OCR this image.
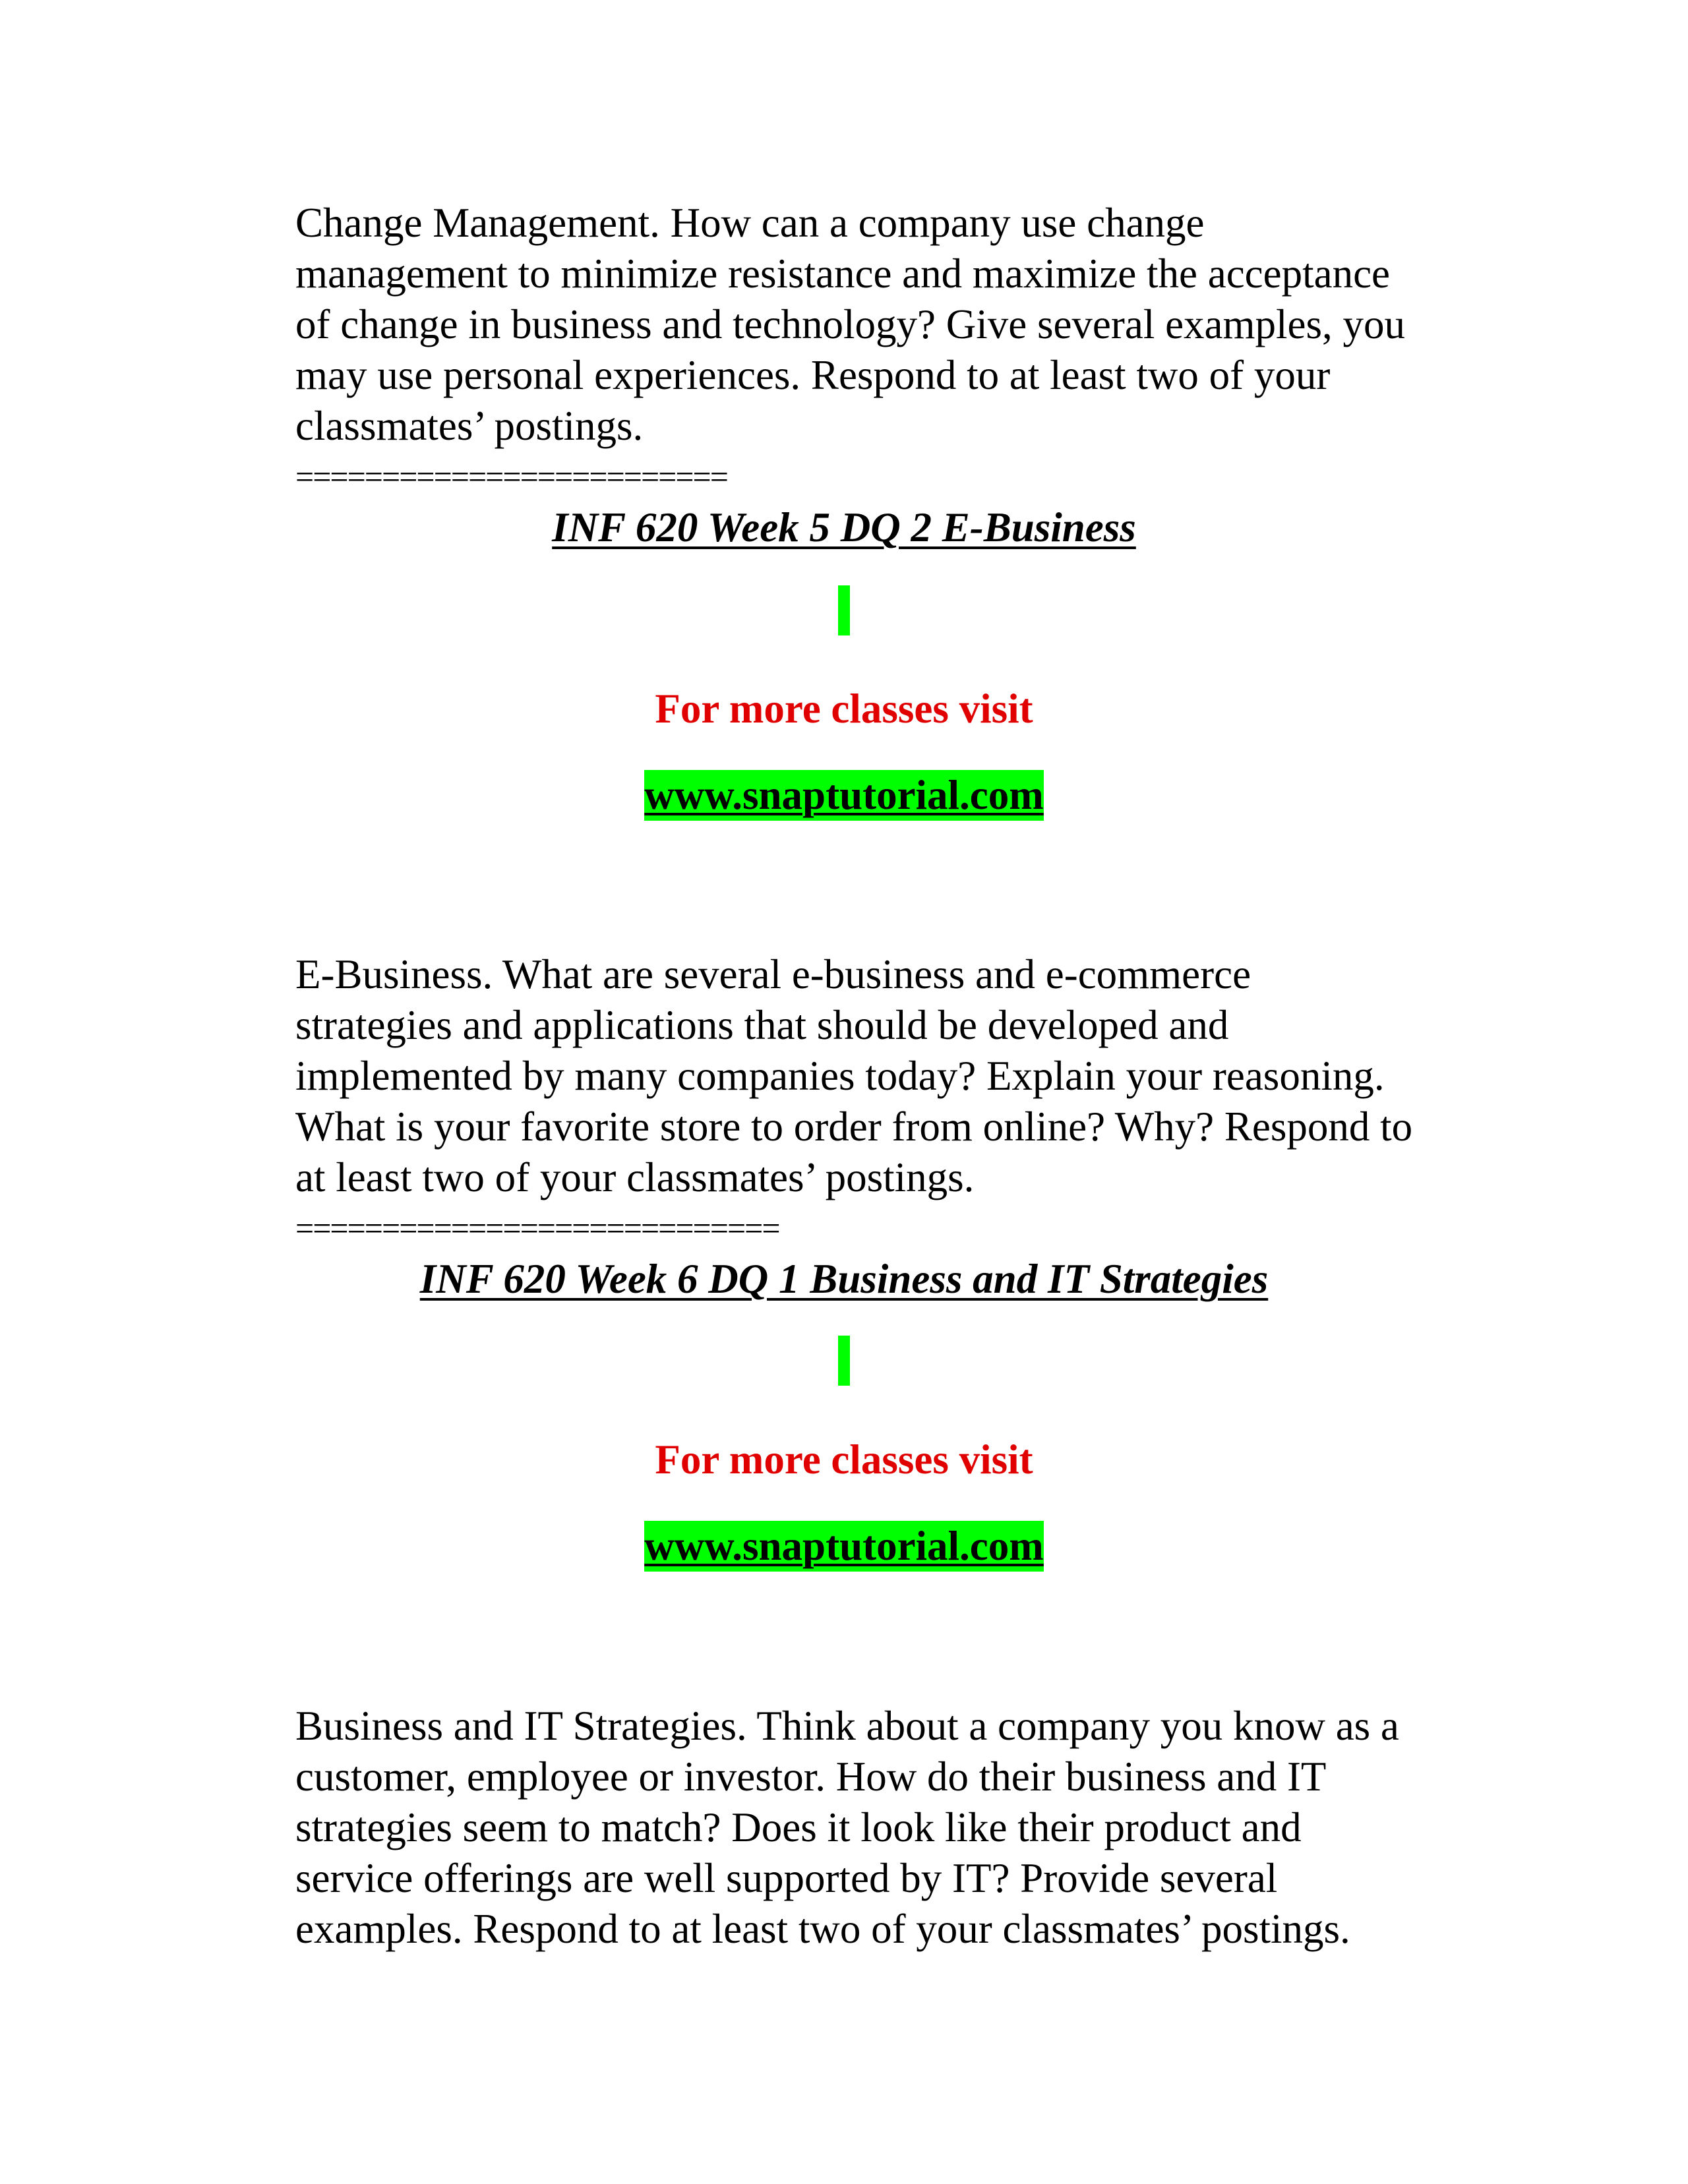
Change Management. How can a company use change
management to minimize resistance and maximize the acceptance
of change in business and technology? Give several examples, you
may use personal experiences. Respond to at least two of your
classmates’ postings.

=========================

INF 620 Week 5 DQ 2 E-Business

For more classes visit

www.snaptutorial.com

E-Business. What are several e-business and e-commerce
strategies and applications that should be developed and
implemented by many companies today? Explain your reasoning.
What is your favorite store to order from online? Why? Respond to
at least two of your classmates’ postings.

============================

INF 620 Week 6 DQ 1 Business and IT Strategies

For more classes visit

www.snaptutorial.com

Business and IT Strategies. Think about a company you know as a
customer, employee or investor. How do their business and IT
strategies seem to match? Does it look like their product and
service offerings are well supported by IT? Provide several
examples. Respond to at least two of your classmates’ postings.
